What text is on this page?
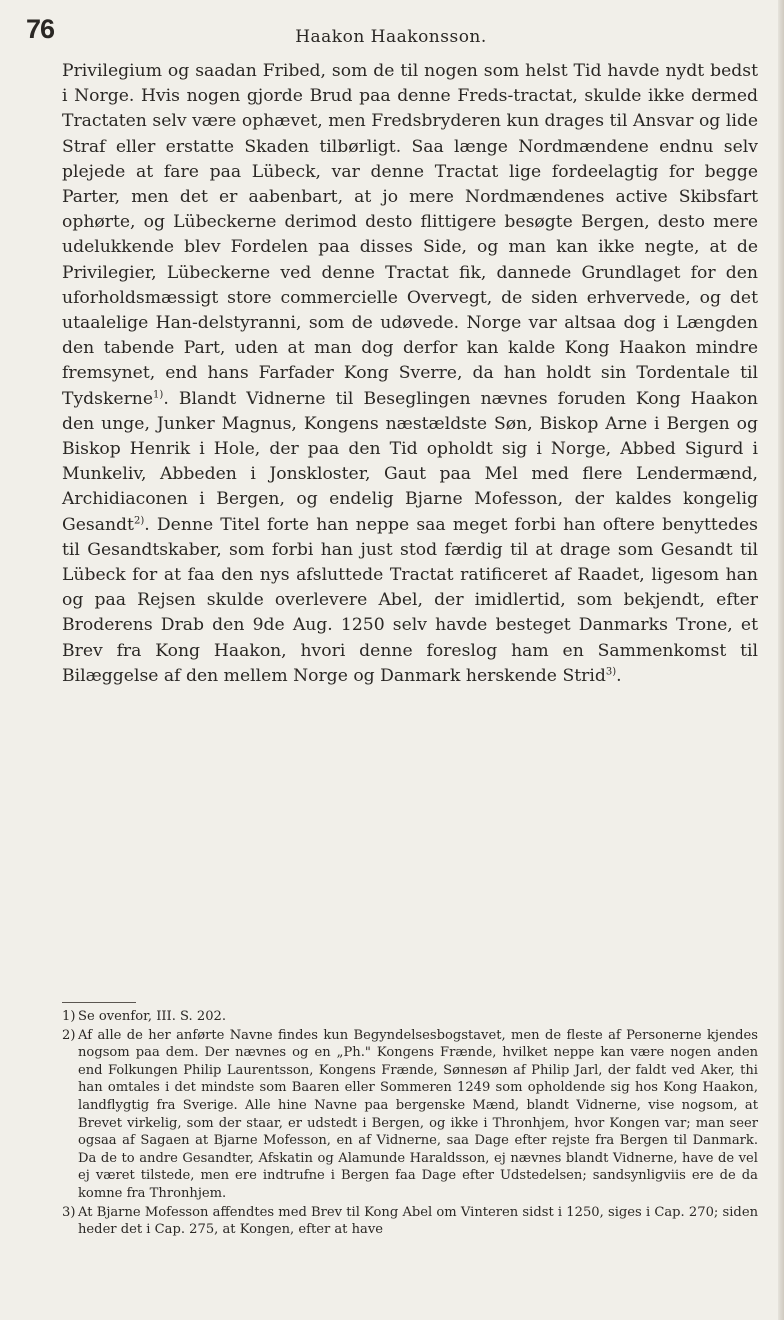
76	Haakon Haakonsson.

Privilegium og saadan Fribed, som de til nogen som helst Tid havde nydt bedst i Norge. Hvis nogen gjorde Brud paa denne Freds-tractat, skulde ikke dermed Tractaten selv være ophævet, men Fredsbryderen kun drages til Ansvar og lide Straf eller erstatte Skaden tilbørligt. Saa længe Nordmændene endnu selv plejede at fare paa Lübeck, var denne Tractat lige fordeelagtig for begge Parter, men det er aabenbart, at jo mere Nordmændenes active Skibsfart ophørte, og Lübeckerne derimod desto flittigere besøgte Bergen, desto mere udelukkende blev Fordelen paa disses Side, og man kan ikke negte, at de Privilegier, Lübeckerne ved denne Tractat fik, dannede Grundlaget for den uforholdsmæssigt store commercielle Overvegt, de siden erhvervede, og det utaalelige Han-delstyranni, som de udøvede. Norge var altsaa dog i Længden den tabende Part, uden at man dog derfor kan kalde Kong Haakon mindre fremsynet, end hans Farfader Kong Sverre, da han holdt sin Tordentale til Tydskerne$^{1)}$. Blandt Vidnerne til Beseglingen nævnes foruden Kong Haakon den unge, Junker Magnus, Kongens næstældste Søn, Biskop Arne i Bergen og Biskop Henrik i Hole, der paa den Tid opholdt sig i Norge, Abbed Sigurd i Munkeliv, Abbeden i Jonskloster, Gaut paa Mel med flere Lendermænd, Archidiaconen i Bergen, og endelig Bjarne Mofesson, der kaldes kongelig Gesandt$^{2)}$. Denne Titel forte han neppe saa meget forbi han oftere benyttedes til Gesandtskaber, som forbi han just stod færdig til at drage som Gesandt til Lübeck for at faa den nys afsluttede Tractat ratificeret af Raadet, ligesom han og paa Rejsen skulde overlevere Abel, der imidlertid, som bekjendt, efter Broderens Drab den 9de Aug. 1250 selv havde besteget Danmarks Trone, et Brev fra Kong Haakon, hvori denne foreslog ham en Sammenkomst til Bilæggelse af den mellem Norge og Danmark herskende Strid$^{3)}$.

1) Se ovenfor, III. S. 202.

2) Af alle de her anførte Navne findes kun Begyndelsesbogstavet, men de fleste af Personerne kjendes nogsom paa dem. Der nævnes og en „Ph." Kongens Frænde, hvilket neppe kan være nogen anden end Folkungen Philip Laurentsson, Kongens Frænde, Sønnesøn af Philip Jarl, der faldt ved Aker, thi han omtales i det mindste som Baaren eller Sommeren 1249 som opholdende sig hos Kong Haakon, landflygtig fra Sverige. Alle hine Navne paa bergenske Mænd, blandt Vidnerne, vise nogsom, at Brevet virkelig, som der staar, er udstedt i Bergen, og ikke i Thronhjem, hvor Kongen var; man seer ogsaa af Sagaen at Bjarne Mofesson, en af Vidnerne, saa Dage efter rejste fra Bergen til Danmark. Da de to andre Gesandter, Afskatin og Alamunde Haraldsson, ej nævnes blandt Vidnerne, have de vel ej været tilstede, men ere indtrufne i Bergen faa Dage efter Udstedelsen; sandsynligviis ere de da komne fra Thronhjem.

3) At Bjarne Mofesson affendtes med Brev til Kong Abel om Vinteren sidst i 1250, siges i Cap. 270; siden heder det i Cap. 275, at Kongen, efter at have
